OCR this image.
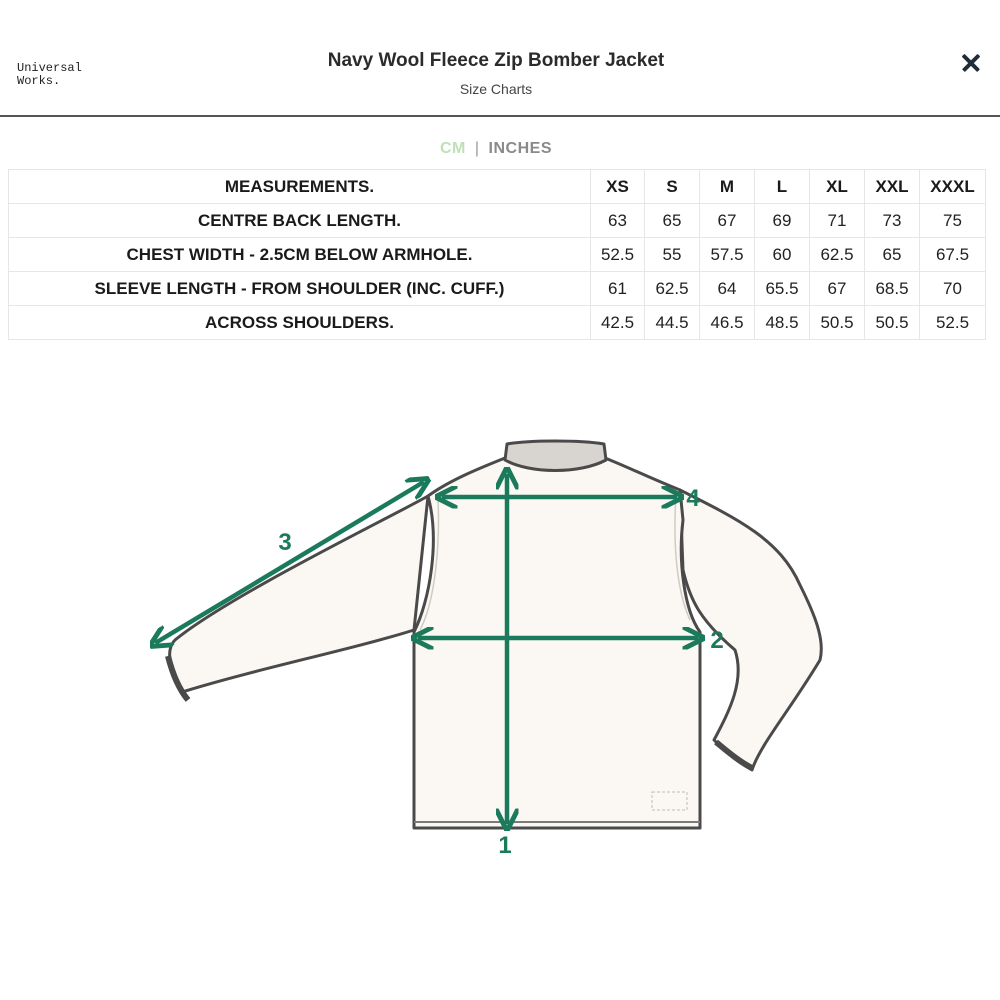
Universal
Works.
Navy Wool Fleece Zip Bomber Jacket
Size Charts
CM | INCHES
MEASUREMENTS.	XS	S	M	L	XL	XXL	XXXL
CENTRE BACK LENGTH.	63	65	67	69	71	73	75
CHEST WIDTH - 2.5CM BELOW ARMHOLE.	52.5	55	57.5	60	62.5	65	67.5
SLEEVE LENGTH - FROM SHOULDER (INC. CUFF.)	61	62.5	64	65.5	67	68.5	70
ACROSS SHOULDERS.	42.5	44.5	46.5	48.5	50.5	50.5	52.5
1
2
3
4
